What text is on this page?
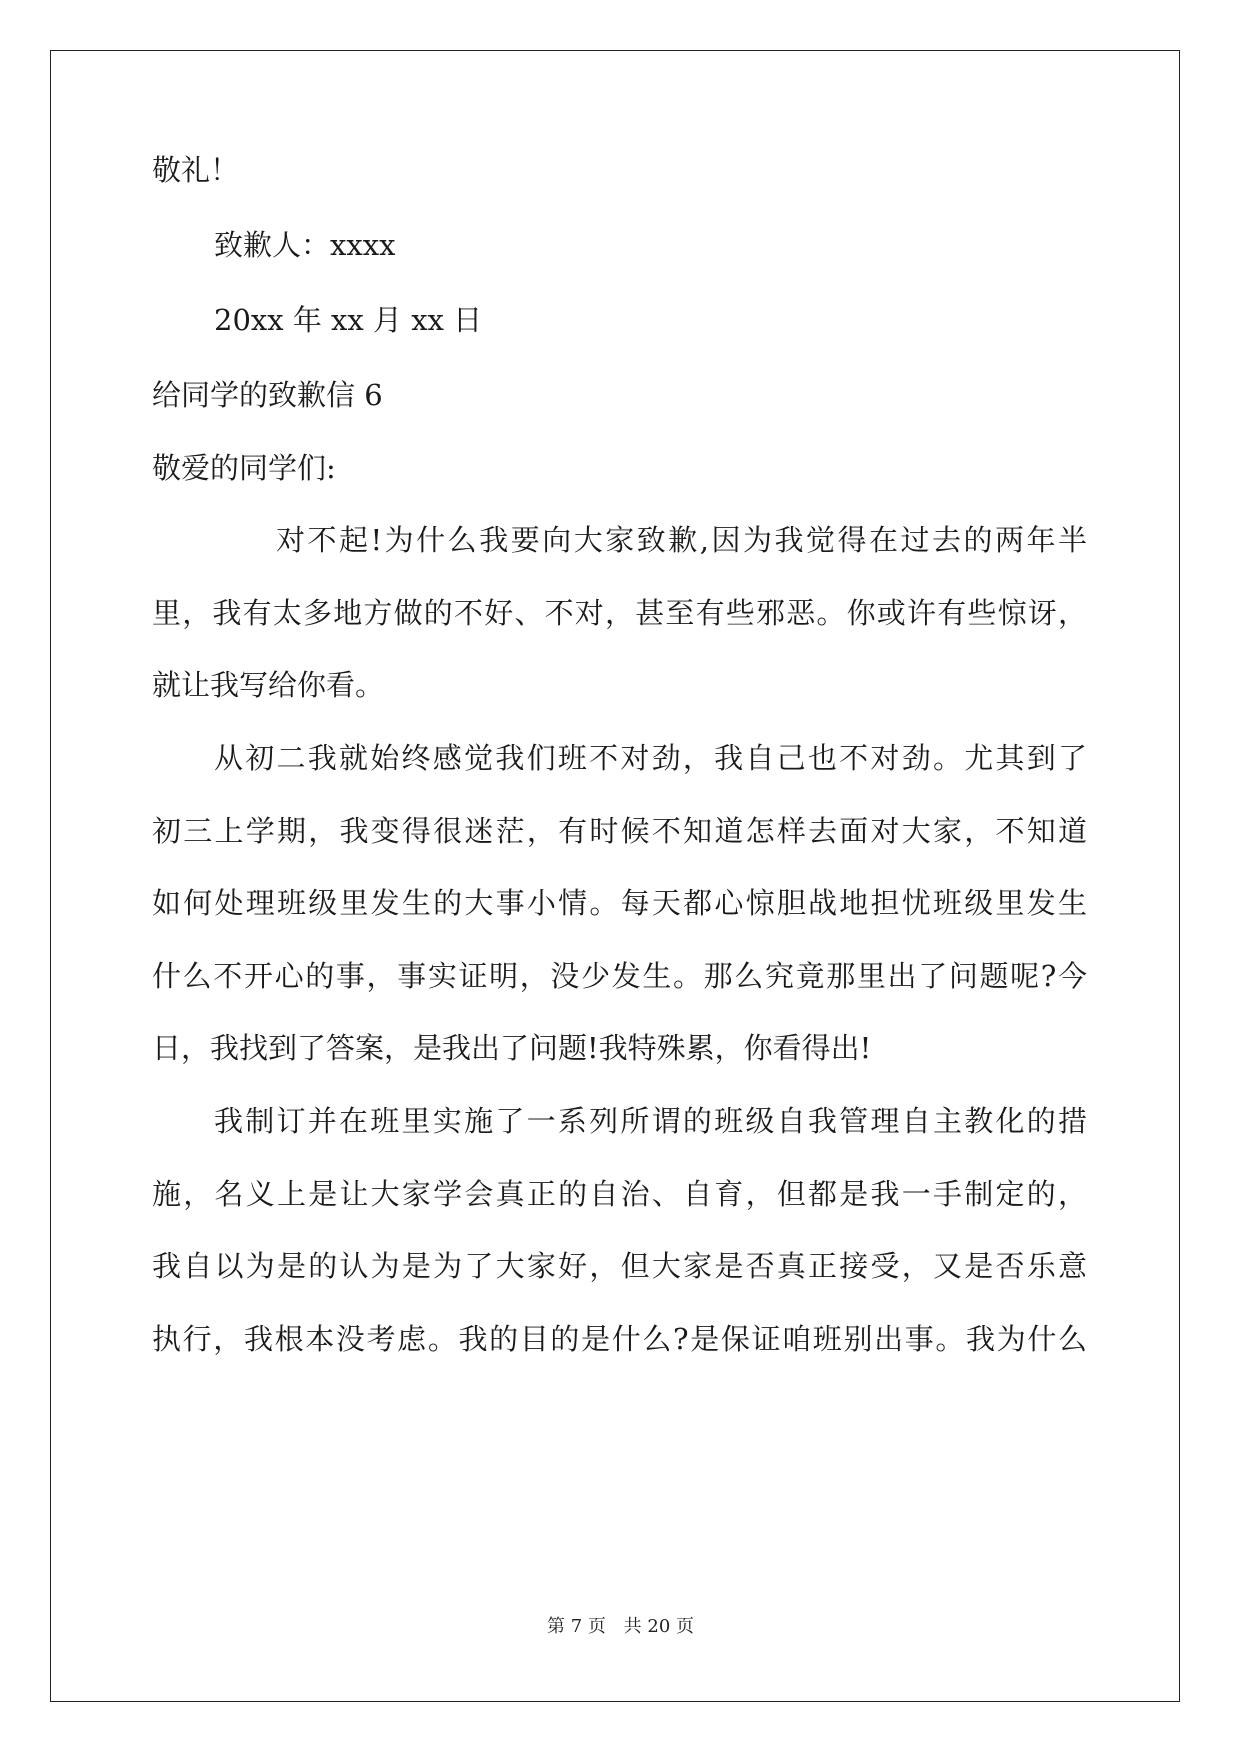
敬礼！
致歉人：xxxx
20xx 年 xx 月 xx 日
给同学的致歉信 6
敬爱的同学们:
对不起!为什么我要向大家致歉,因为我觉得在过去的两年半
里，我有太多地方做的不好、不对，甚至有些邪恶。你或许有些惊讶，
就让我写给你看。
从初二我就始终感觉我们班不对劲，我自己也不对劲。尤其到了
初三上学期，我变得很迷茫，有时候不知道怎样去面对大家，不知道
如何处理班级里发生的大事小情。每天都心惊胆战地担忧班级里发生
什么不开心的事，事实证明，没少发生。那么究竟那里出了问题呢?今
日，我找到了答案，是我出了问题!我特殊累，你看得出!
我制订并在班里实施了一系列所谓的班级自我管理自主教化的措
施，名义上是让大家学会真正的自治、自育，但都是我一手制定的，
我自以为是的认为是为了大家好，但大家是否真正接受，又是否乐意
执行，我根本没考虑。我的目的是什么?是保证咱班别出事。我为什么
第 7 页 共 20 页
